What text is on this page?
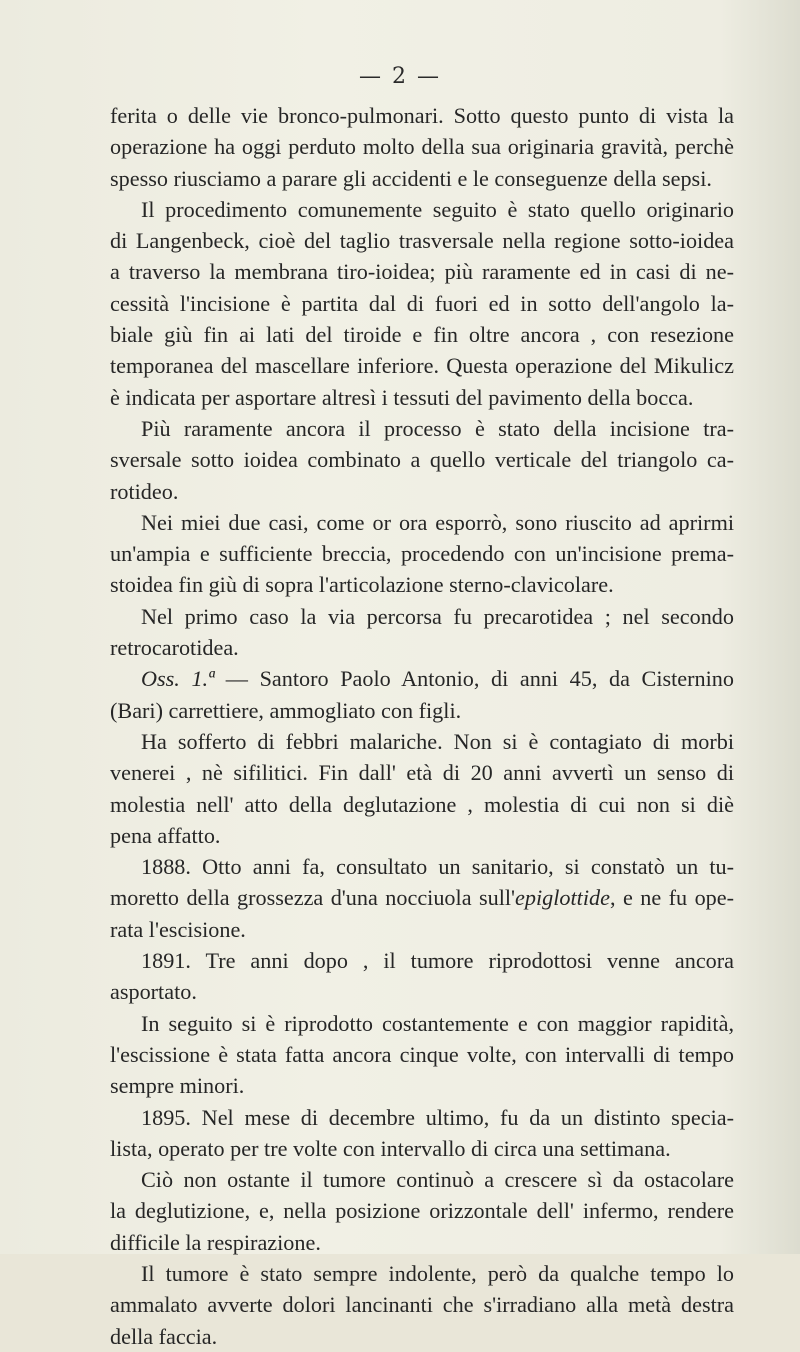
— 2 —
ferita o delle vie bronco-pulmonari. Sotto questo punto di vista la
operazione ha oggi perduto molto della sua originaria gravità, perchè
spesso riusciamo a parare gli accidenti e le conseguenze della sepsi.
Il procedimento comunemente seguito è stato quello originario
di Langenbeck, cioè del taglio trasversale nella regione sotto-ioidea
a traverso la membrana tiro-ioidea; più raramente ed in casi di ne-
cessità l'incisione è partita dal di fuori ed in sotto dell'angolo la-
biale giù fin ai lati del tiroide e fin oltre ancora , con resezione
temporanea del mascellare inferiore. Questa operazione del Mikulicz
è indicata per asportare altresì i tessuti del pavimento della bocca.
Più raramente ancora il processo è stato della incisione tra-
sversale sotto ioidea combinato a quello verticale del triangolo ca-
rotideo.
Nei miei due casi, come or ora esporrò, sono riuscito ad aprirmi
un'ampia e sufficiente breccia, procedendo con un'incisione prema-
stoidea fin giù di sopra l'articolazione sterno-clavicolare.
Nel primo caso la via percorsa fu precarotidea ; nel secondo
retrocarotidea.
Oss. 1.ª — Santoro Paolo Antonio, di anni 45, da Cisternino
(Bari) carrettiere, ammogliato con figli.
Ha sofferto di febbri malariche. Non si è contagiato di morbi
venerei , nè sifilitici. Fin dall' età di 20 anni avvertì un senso di
molestia nell' atto della deglutazione , molestia di cui non si diè
pena affatto.
1888. Otto anni fa, consultato un sanitario, si constatò un tu-
moretto della grossezza d'una nocciuola sull'epiglottide, e ne fu ope-
rata l'escisione.
1891. Tre anni dopo , il tumore riprodottosi venne ancora
asportato.
In seguito si è riprodotto costantemente e con maggior rapidità,
l'escissione è stata fatta ancora cinque volte, con intervalli di tempo
sempre minori.
1895. Nel mese di decembre ultimo, fu da un distinto specia-
lista, operato per tre volte con intervallo di circa una settimana.
Ciò non ostante il tumore continuò a crescere sì da ostacolare
la deglutizione, e, nella posizione orizzontale dell' infermo, rendere
difficile la respirazione.
Il tumore è stato sempre indolente, però da qualche tempo lo
ammalato avverte dolori lancinanti che s'irradiano alla metà destra
della faccia.
